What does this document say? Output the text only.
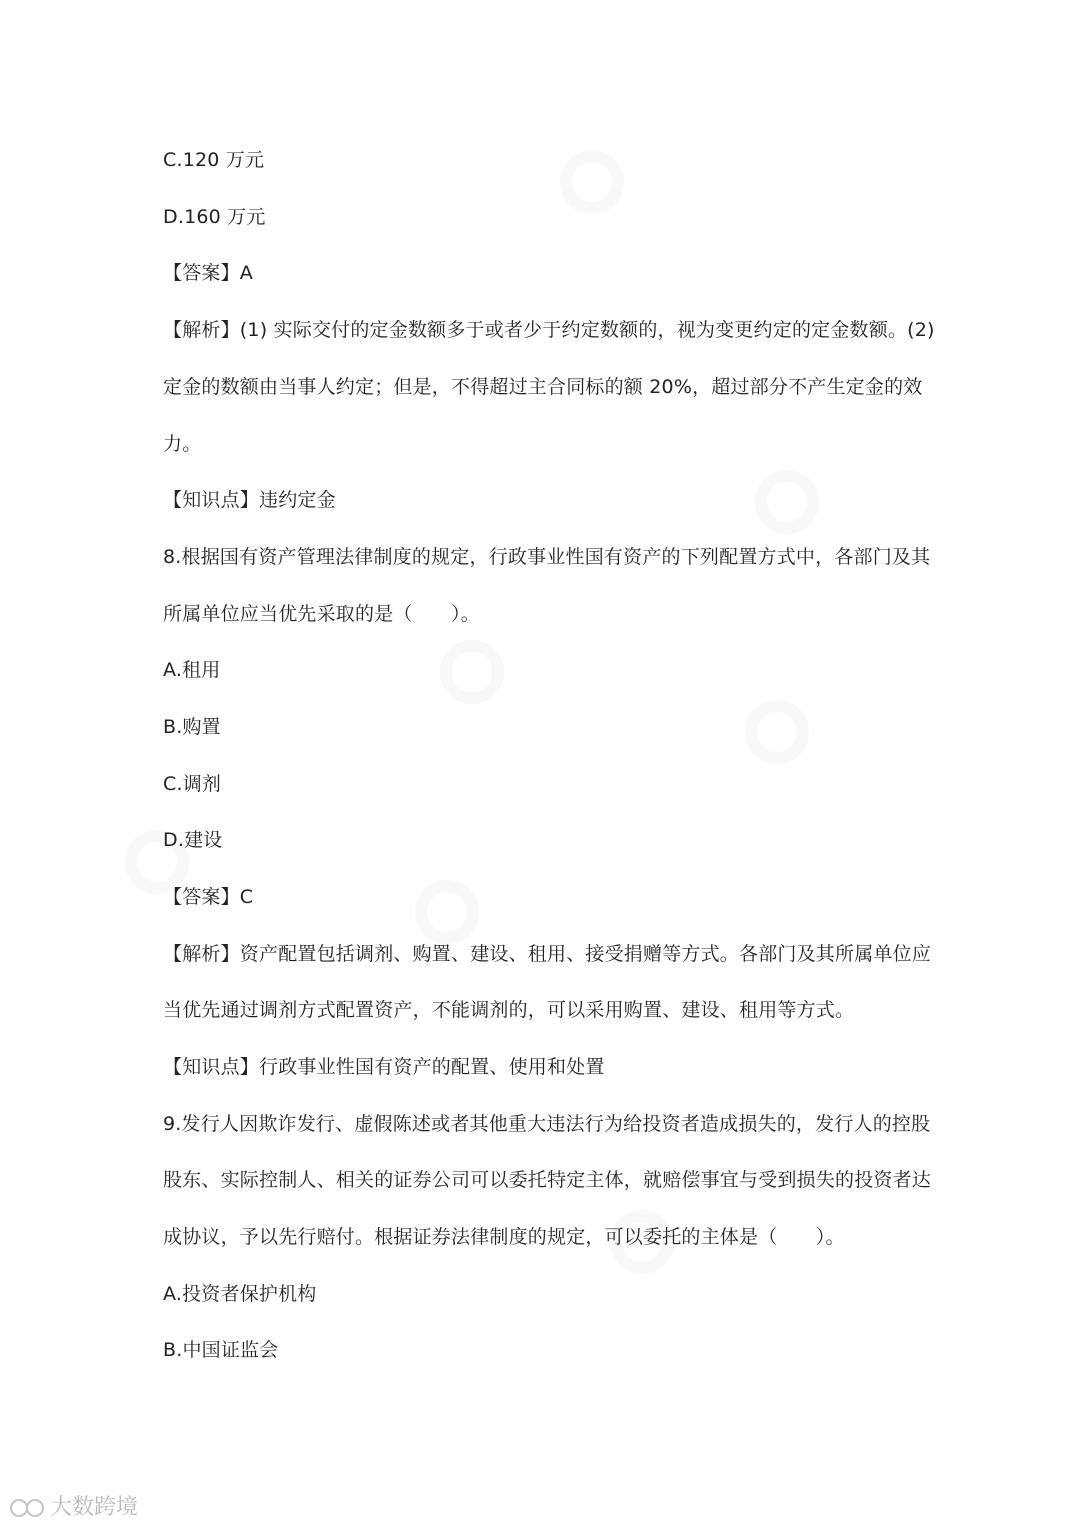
C.120 万元
D.160 万元
【答案】A
【解析】(1) 实际交付的定金数额多于或者少于约定数额的，视为变更约定的定金数额。(2)
定金的数额由当事人约定；但是，不得超过主合同标的额 20%，超过部分不产生定金的效
力。
【知识点】违约定金
8.根据国有资产管理法律制度的规定，行政事业性国有资产的下列配置方式中，各部门及其
所属单位应当优先采取的是（　　）。
A.租用
B.购置
C.调剂
D.建设
【答案】C
【解析】资产配置包括调剂、购置、建设、租用、接受捐赠等方式。各部门及其所属单位应
当优先通过调剂方式配置资产，不能调剂的，可以采用购置、建设、租用等方式。
【知识点】行政事业性国有资产的配置、使用和处置
9.发行人因欺诈发行、虚假陈述或者其他重大违法行为给投资者造成损失的，发行人的控股
股东、实际控制人、相关的证券公司可以委托特定主体，就赔偿事宜与受到损失的投资者达
成协议，予以先行赔付。根据证券法律制度的规定，可以委托的主体是（　　）。
A.投资者保护机构
B.中国证监会
大数跨境
